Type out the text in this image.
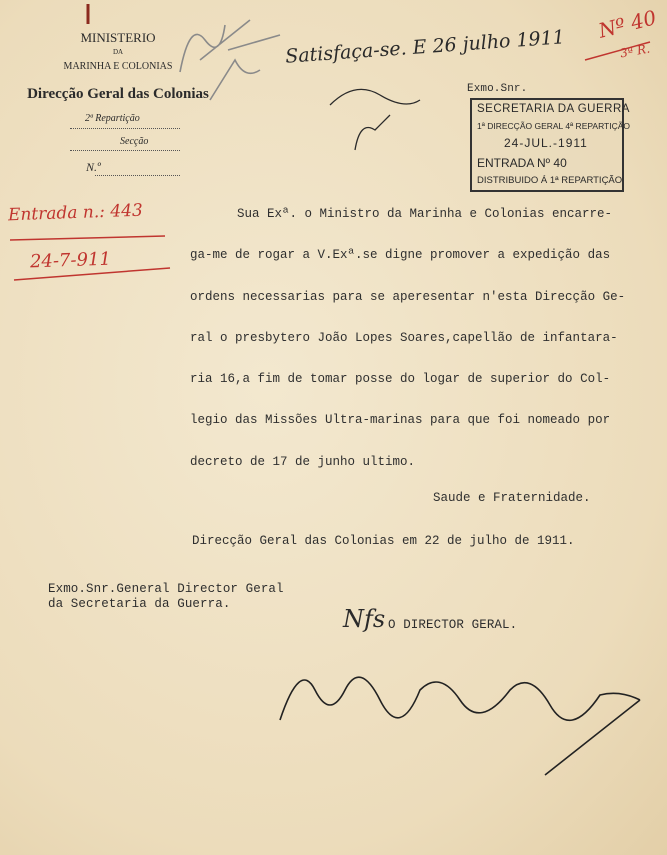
MINISTERIO
DA
MARINHA E COLONIAS
Direcção Geral das Colonias
2ª Repartição
Secção
N.º
Nº 40
3ª R.
Satisfaça-se. E 26 julho 1911
Entrada n.: 443
24-7-911
Exmo.Snr.
SECRETARIA DA GUERRA
1ª DIRECÇÃO GERAL 4ª REPARTIÇÃO
24-JUL.-1911
ENTRADA Nº 40
DISTRIBUIDO Á 1ª REPARTIÇÃO
Sua Exª. o Ministro da Marinha e Colonias encarre-
ga-me de rogar a V.Exª.se digne promover a expedição das
ordens necessarias para se aperesentar n'esta Direcção Ge-
ral o presbytero João Lopes Soares,capellão de infantara-
ria 16,a fim de tomar posse do logar de superior do Col-
legio das Missões Ultra-marinas para que foi nomeado por
decreto de 17 de junho ultimo.
Saude e Fraternidade.
Direcção Geral das Colonias em 22 de julho de 1911.
Exmo.Snr.General Director Geral
da Secretaria da Guerra.
Nfs O DIRECTOR GERAL.
